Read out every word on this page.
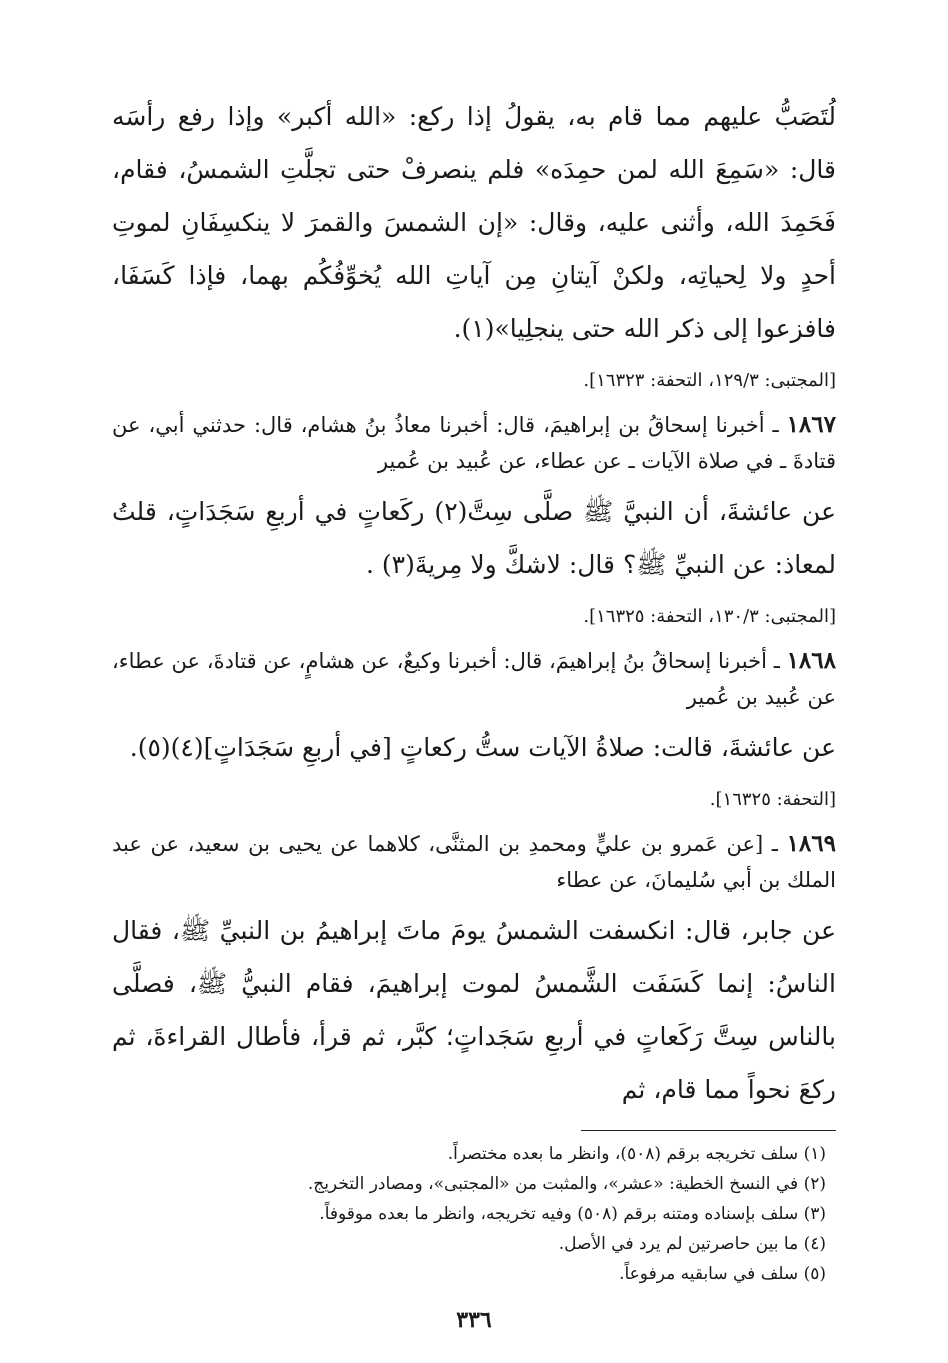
لُتَصَبُّ عليهم مما قام به، يقولُ إذا ركع: «الله أكبر» وإذا رفع رأسَه قال: «سَمِعَ الله لمن حمِدَه» فلم ينصرفْ حتى تجلَّتِ الشمسُ، فقام، فَحَمِدَ الله، وأثنى عليه، وقال: «إن الشمسَ والقمرَ لا ينكسِفَانِ لموتِ أحدٍ ولا لِحياتِه، ولكنْ آيتانِ مِن آياتِ الله يُخوِّفُكُم بهما، فإذا كَسَفَا، فافزعوا إلى ذكر الله حتى ينجلِيا»(١).

[المجتبى: ١٢٩/٣، التحفة: ١٦٣٢٣].

١٨٦٧ ـ أخبرنا إسحاقُ بن إبراهيمَ، قال: أخبرنا معاذُ بنُ هشام، قال: حدثني أبي، عن قتادةَ ـ في صلاة الآيات ـ عن عطاء، عن عُبيد بن عُمير

عن عائشةَ، أن النبيَّ ﷺ صلَّى سِتَّ(٢) ركَعاتٍ في أربعِ سَجَدَاتٍ، قلتُ لمعاذ: عن النبيِّ ﷺ؟ قال: لاشكَّ ولا مِريةَ(٣) .

[المجتبى: ١٣٠/٣، التحفة: ١٦٣٢٥].

١٨٦٨ ـ أخبرنا إسحاقُ بنُ إبراهيمَ، قال: أخبرنا وكيعٌ، عن هشامٍ، عن قتادةَ، عن عطاء، عن عُبيد بن عُمير

عن عائشةَ، قالت: صلاةُ الآيات ستُّ ركعاتٍ [في أربعِ سَجَدَاتٍ](٤)(٥).

[التحفة: ١٦٣٢٥].

١٨٦٩ ـ [عن عَمرو بن عليٍّ ومحمدِ بن المثنَّى، كلاهما عن يحيى بن سعيد، عن عبد الملك بن أبي سُليمانَ، عن عطاء

عن جابر، قال: انكسفت الشمسُ يومَ ماتَ إبراهيمُ بن النبيِّ ﷺ، فقال الناسُ: إنما كَسَفَت الشَّمسُ لموت إبراهيمَ، فقام النبيُّ ﷺ، فصلَّى بالناس سِتَّ رَكَعاتٍ في أربعِ سَجَداتٍ؛ كبَّر، ثم قرأ، فأطال القراءةَ، ثم ركعَ نحواً مما قام، ثم

(١) سلف تخريجه برقم (٥٠٨)، وانظر ما بعده مختصراً.

(٢) في النسخ الخطية: «عشر»، والمثبت من «المجتبى»، ومصادر التخريج.

(٣) سلف بإسناده ومتنه برقم (٥٠٨) وفيه تخريجه، وانظر ما بعده موقوفاً.

(٤) ما بين حاصرتين لم يرد في الأصل.

(٥) سلف في سابقيه مرفوعاً.

٣٣٦
